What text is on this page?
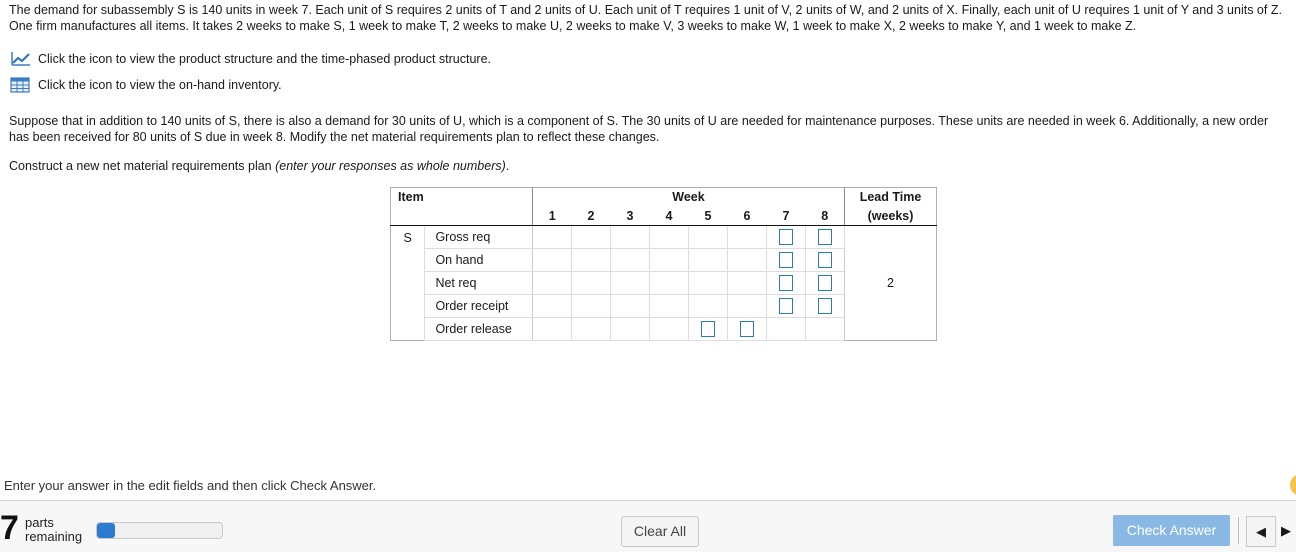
The demand for subassembly S is 140 units in week 7. Each unit of S requires 2 units of T and 2 units of U. Each unit of T requires 1 unit of V, 2 units of W, and 2 units of X. Finally, each unit of U requires 1 unit of Y and 3 units of Z. One firm manufactures all items. It takes 2 weeks to make S, 1 week to make T, 2 weeks to make U, 2 weeks to make V, 3 weeks to make W, 1 week to make X, 2 weeks to make Y, and 1 week to make Z.
Click the icon to view the product structure and the time-phased product structure.
Click the icon to view the on-hand inventory.
Suppose that in addition to 140 units of S, there is also a demand for 30 units of U, which is a component of S. The 30 units of U are needed for maintenance purposes. These units are needed in week 6. Additionally, a new order has been received for 80 units of S due in week 8. Modify the net material requirements plan to reflect these changes.
Construct a new net material requirements plan (enter your responses as whole numbers).
Item		Week								Lead Time
		1	2	3	4	5	6	7	8	(weeks)
S	Gross req									2
	On hand									
	Net req									
	Order receipt									
	Order release									
Enter your answer in the edit fields and then click Check Answer.
7 parts
remaining	Clear All	Check Answer	◀	▶
